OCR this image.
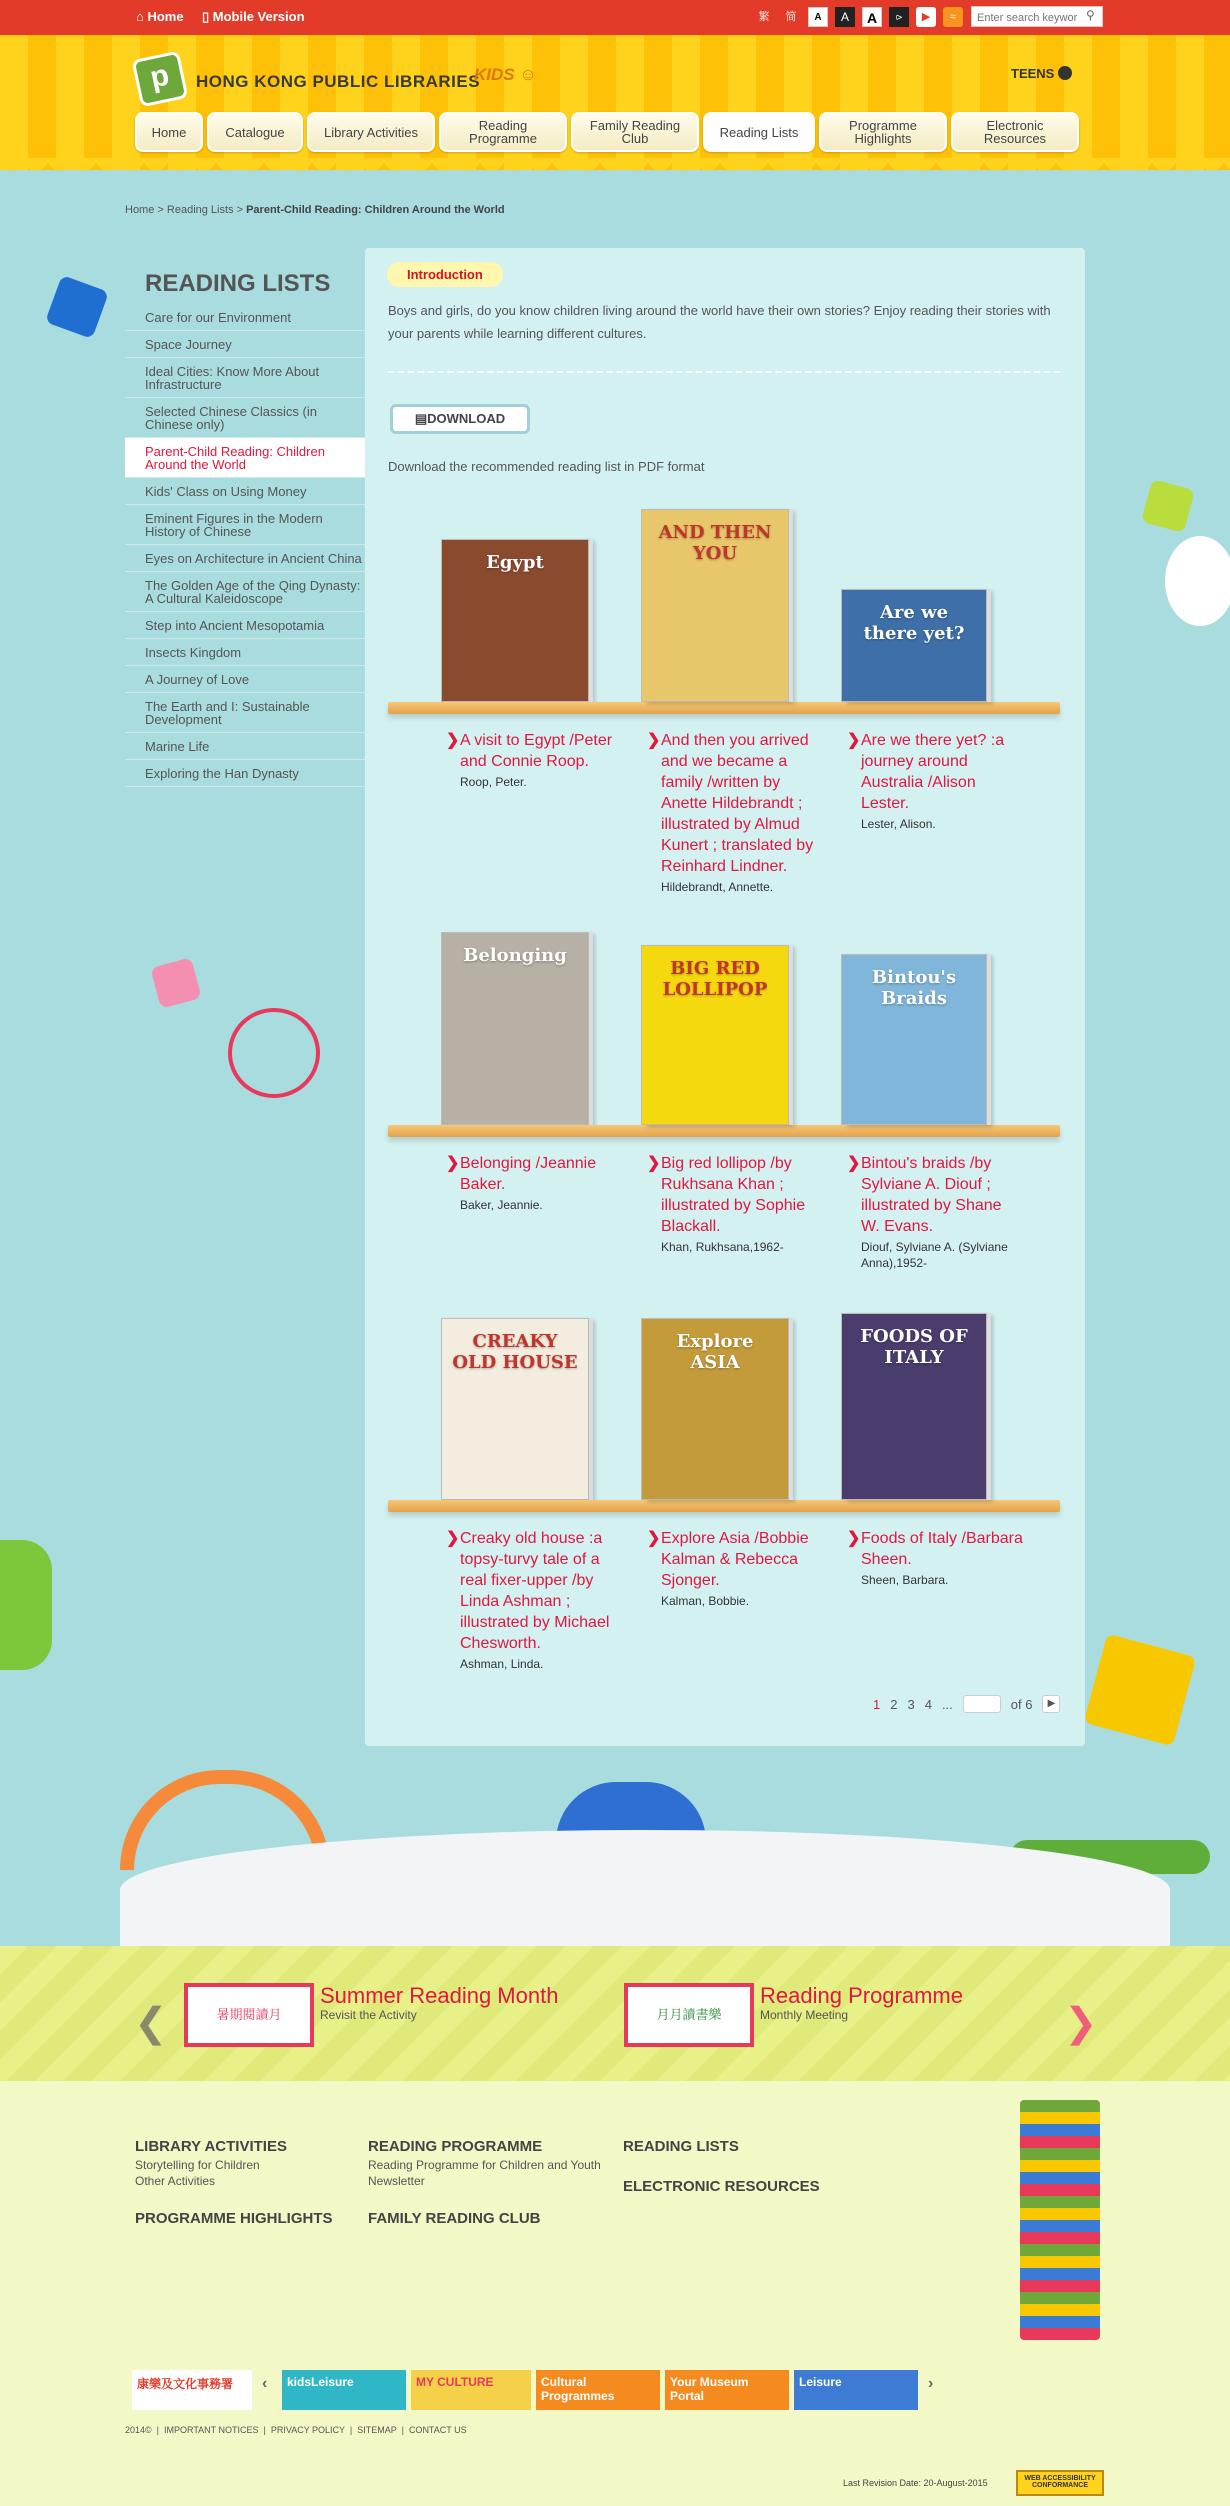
⌂ Home ▯ Mobile Version	繁	简	A	A	A	⪧	▶	≈
Enter search keywor	⚲
p
HONG KONG PUBLIC LIBRARIES
KIDS ☺	TEENS
Home	Catalogue	Library Activities	Reading Programme
Family Reading Club	Reading Lists	Programme Highlights
Electronic Resources
Home > Reading Lists > Parent-Child Reading: Children Around the World
READING LISTS
Care for our Environment
Space Journey
Ideal Cities: Know More About Infrastructure
Selected Chinese Classics (in Chinese only)
Parent-Child Reading: Children Around the World
Kids' Class on Using Money
Eminent Figures in the Modern History of Chinese
Eyes on Architecture in Ancient China
The Golden Age of the Qing Dynasty: A Cultural Kaleidoscope
Step into Ancient Mesopotamia
Insects Kingdom
A Journey of Love
The Earth and I: Sustainable Development
Marine Life
Exploring the Han Dynasty
Introduction
Boys and girls, do you know children living around the world have their own stories? Enjoy reading their stories with your parents while learning different cultures.
▤DOWNLOAD
Download the recommended reading list in PDF format
Egypt
❯ A visit to Egypt /Peter and Connie Roop.
Roop, Peter.
AND THEN YOU
❯ And then you arrived and we became a family /written by Anette Hildebrandt ; illustrated by Almud Kunert ; translated by Reinhard Lindner.
Hildebrandt, Annette.
Are we there yet?
❯ Are we there yet? :a journey around Australia /Alison Lester.
Lester, Alison.
Belonging
❯ Belonging /Jeannie Baker.
Baker, Jeannie.
BIG RED LOLLIPOP
❯ Big red lollipop /by Rukhsana Khan ; illustrated by Sophie Blackall.
Khan, Rukhsana,1962-
Bintou's Braids
❯ Bintou's braids /by Sylviane A. Diouf ; illustrated by Shane W. Evans.
Diouf, Sylviane A. (Sylviane Anna),1952-
CREAKY OLD HOUSE
❯ Creaky old house :a topsy-turvy tale of a real fixer-upper /by Linda Ashman ; illustrated by Michael Chesworth.
Ashman, Linda.
Explore ASIA
❯ Explore Asia /Bobbie Kalman & Rebecca Sjonger.
Kalman, Bobbie.
FOODS OF ITALY
❯ Foods of Italy /Barbara Sheen.
Sheen, Barbara.
1 2 3 4 ...	of 6	▶
❮	❯
暑期閱讀月
Summer Reading Month
Revisit the Activity	月月讀書樂
Reading Programme
Monthly Meeting
LIBRARY ACTIVITIES
Storytelling for Children
Other Activities
PROGRAMME HIGHLIGHTS
READING PROGRAMME
Reading Programme for Children and Youth
Newsletter
FAMILY READING CLUB
READING LISTS
ELECTRONIC RESOURCES
康樂及文化事務署	‹	kidsLeisure	MY CULTURE	Cultural Programmes
Your Museum Portal
Leisure	›
2014©  |  IMPORTANT NOTICES  |  PRIVACY POLICY  |  SITEMAP  |  CONTACT US
Last Revision Date: 20-August-2015	WEB ACCESSIBILITY CONFORMANCE
